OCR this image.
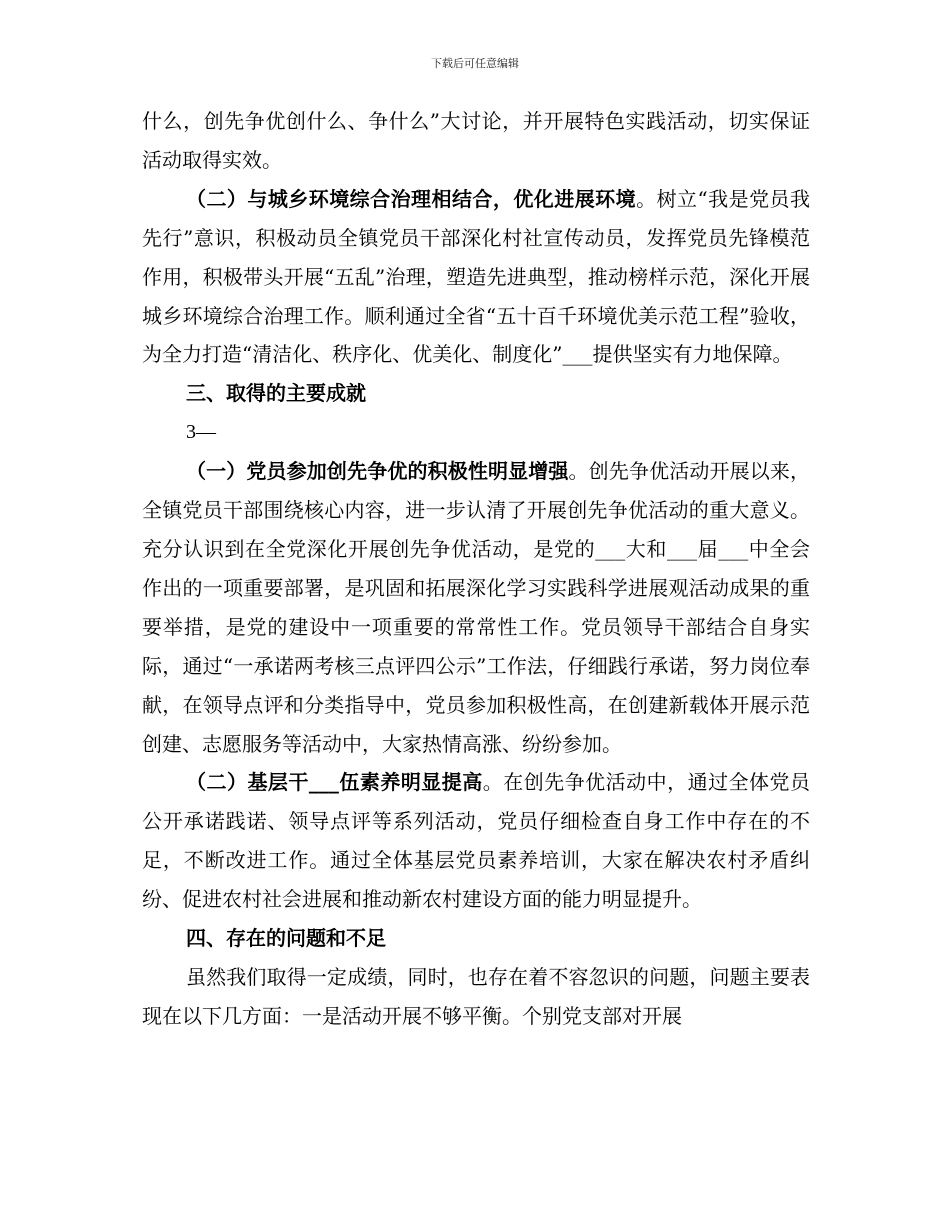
下载后可任意编辑

什么，创先争优创什么、争什么”大讨论，并开展特色实践活动，切实保证活动取得实效。

（二）与城乡环境综合治理相结合，优化进展环境。树立“我是党员我先行”意识，积极动员全镇党员干部深化村社宣传动员，发挥党员先锋模范作用，积极带头开展“五乱”治理，塑造先进典型，推动榜样示范，深化开展城乡环境综合治理工作。顺利通过全省“五十百千环境优美示范工程”验收，为全力打造“清洁化、秩序化、优美化、制度化”___提供坚实有力地保障。

三、取得的主要成就

3—

（一）党员参加创先争优的积极性明显增强。创先争优活动开展以来，全镇党员干部围绕核心内容，进一步认清了开展创先争优活动的重大意义。充分认识到在全党深化开展创先争优活动，是党的___大和___届___中全会作出的一项重要部署，是巩固和拓展深化学习实践科学进展观活动成果的重要举措，是党的建设中一项重要的常常性工作。党员领导干部结合自身实际，通过“一承诺两考核三点评四公示”工作法，仔细践行承诺，努力岗位奉献，在领导点评和分类指导中，党员参加积极性高，在创建新载体开展示范创建、志愿服务等活动中，大家热情高涨、纷纷参加。

（二）基层干___伍素养明显提高。在创先争优活动中，通过全体党员公开承诺践诺、领导点评等系列活动，党员仔细检查自身工作中存在的不足，不断改进工作。通过全体基层党员素养培训，大家在解决农村矛盾纠纷、促进农村社会进展和推动新农村建设方面的能力明显提升。

四、存在的问题和不足

虽然我们取得一定成绩，同时，也存在着不容忽识的问题，问题主要表现在以下几方面：一是活动开展不够平衡。个别党支部对开展
